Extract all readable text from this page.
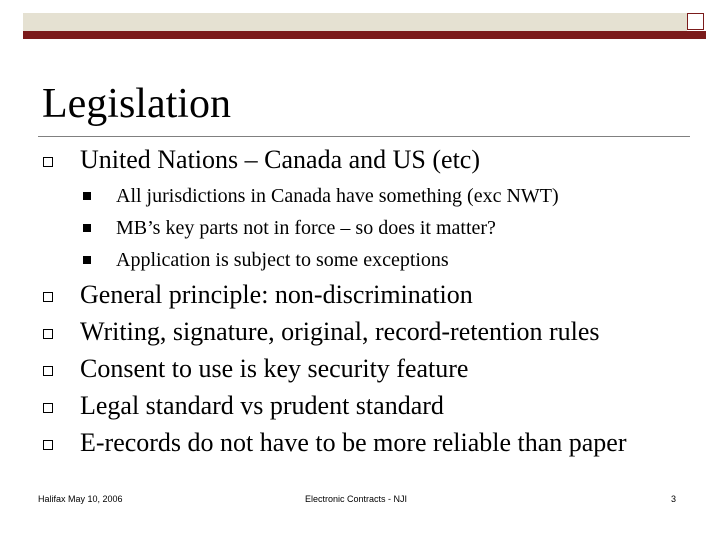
Legislation
United Nations – Canada and US (etc)
All jurisdictions in Canada have something (exc NWT)
MB’s key parts not in force – so does it matter?
Application is subject to some exceptions
General principle: non-discrimination
Writing, signature, original, record-retention rules
Consent to use is key security feature
Legal standard vs prudent standard
E-records do not have to be more reliable than paper
Halifax May 10, 2006	Electronic Contracts - NJI	3
